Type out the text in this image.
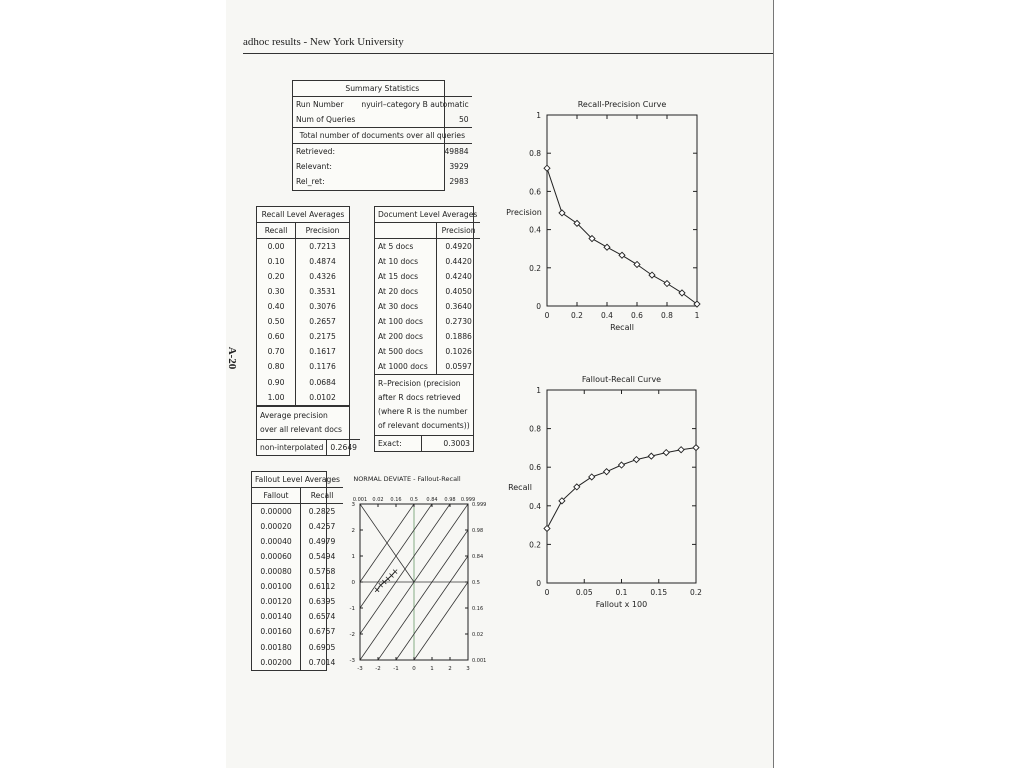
adhoc results - New York University
A-20
Summary Statistics	
Run Number	nyuirl–category B automatic
Num of Queries	50
Total number of documents over all queries	
Retrieved:	49884
Relevant:	3929
Rel_ret:	2983
Recall Level Averages	
Recall	Precision
0.00	0.7213
0.10	0.4874
0.20	0.4326
0.30	0.3531
0.40	0.3076
0.50	0.2657
0.60	0.2175
0.70	0.1617
0.80	0.1176
0.90	0.0684
1.00	0.0102
Average precision over all relevant docs
non-interpolated	0.2649
Document Level Averages	
	Precision
At 5 docs	0.4920
At 10 docs	0.4420
At 15 docs	0.4240
At 20 docs	0.4050
At 30 docs	0.3640
At 100 docs	0.2730
At 200 docs	0.1886
At 500 docs	0.1026
At 1000 docs	0.0597
R–Precision (precision after R docs retrieved (where R is the number of relevant documents))
Exact:	0.3003
Fallout Level Averages	
Fallout	Recall
0.00000	0.2825
0.00020	0.4257
0.00040	0.4979
0.00060	0.5494
0.00080	0.5768
0.00100	0.6112
0.00120	0.6395
0.00140	0.6574
0.00160	0.6757
0.00180	0.6905
0.00200	0.7014
Recall-Precision Curve
0	0.2 0.4 0.6 0.8	1
0
0.2
0.4
0.6
0.8
1
Recall
Precision
Fallout-Recall Curve
0	0.05	0.1	0.15	0.2
0
0.2
0.4
0.6
0.8
1
Fallout x 100
Recall
NORMAL DEVIATE - Fallout-Recall
-3 -2 -1 0	1	2	3
-3
-2
-1
0
1
2
3
0.001 0.02 0.16 0.5 0.84 0.98 0.999
0.999
0.98
0.84
0.5
0.16
0.02
0.001
